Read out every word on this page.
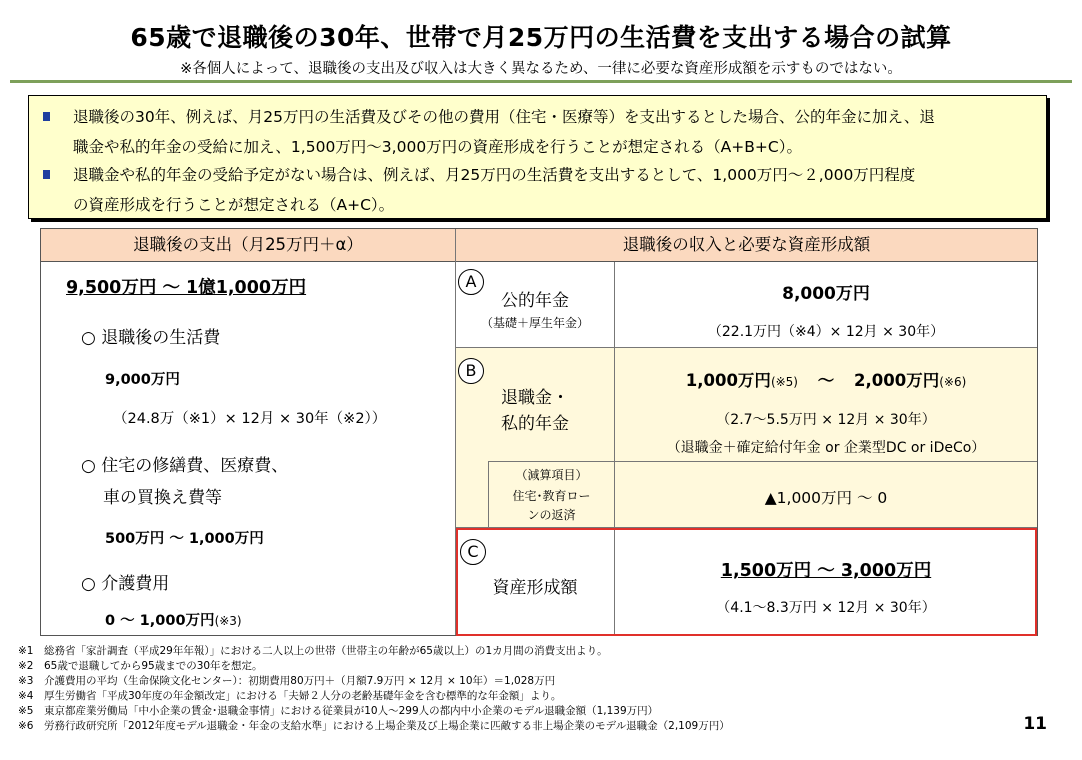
65歳で退職後の30年、世帯で月25万円の生活費を支出する場合の試算
※各個人によって、退職後の支出及び収入は大きく異なるため、一律に必要な資産形成額を示すものではない。
退職後の30年、例えば、月25万円の生活費及びその他の費用（住宅・医療等）を支出するとした場合、公的年金に加え、退
職金や私的年金の受給に加え、1,500万円～3,000万円の資産形成を行うことが想定される（A+B+C）。
退職金や私的年金の受給予定がない場合は、例えば、月25万円の生活費を支出するとして、1,000万円～２,000万円程度
の資産形成を行うことが想定される（A+C）。
退職後の支出（月25万円＋α）	退職後の収入と必要な資産形成額
9,500万円 ～ 1億1,000万円
○ 退職後の生活費
9,000万円
（24.8万（※1）× 12月 × 30年（※2））
○ 住宅の修繕費、医療費、
車の買換え費等
500万円 ～ 1,000万円
○ 介護費用
0 ～ 1,000万円(※3)
A
公的年金
（基礎＋厚生年金）
8,000万円
（22.1万円（※4）× 12月 × 30年）
B
退職金・
私的年金
1,000万円(※5) ～ 2,000万円(※6)
（2.7～5.5万円 × 12月 × 30年）
（退職金＋確定給付年金 or 企業型DC or iDeCo）
（減算項目）
住宅･教育ロー
ンの返済
▲1,000万円 ～ 0
C
資産形成額
1,500万円 ～ 3,000万円
（4.1～8.3万円 × 12月 × 30年）
※1　総務省「家計調査（平成29年年報）」における二人以上の世帯（世帯主の年齢が65歳以上）の1カ月間の消費支出より。
※2　65歳で退職してから95歳までの30年を想定。
※3　介護費用の平均（生命保険文化センター）：初期費用80万円＋（月額7.9万円 × 12月 × 10年）＝1,028万円
※4　厚生労働省「平成30年度の年金額改定」における「夫婦２人分の老齢基礎年金を含む標準的な年金額」より。
※5　東京都産業労働局「中小企業の賃金･退職金事情」における従業員が10人～299人の都内中小企業のモデル退職金額（1,139万円）
※6　労務行政研究所「2012年度モデル退職金・年金の支給水準」における上場企業及び上場企業に匹敵する非上場企業のモデル退職金（2,109万円）	11
